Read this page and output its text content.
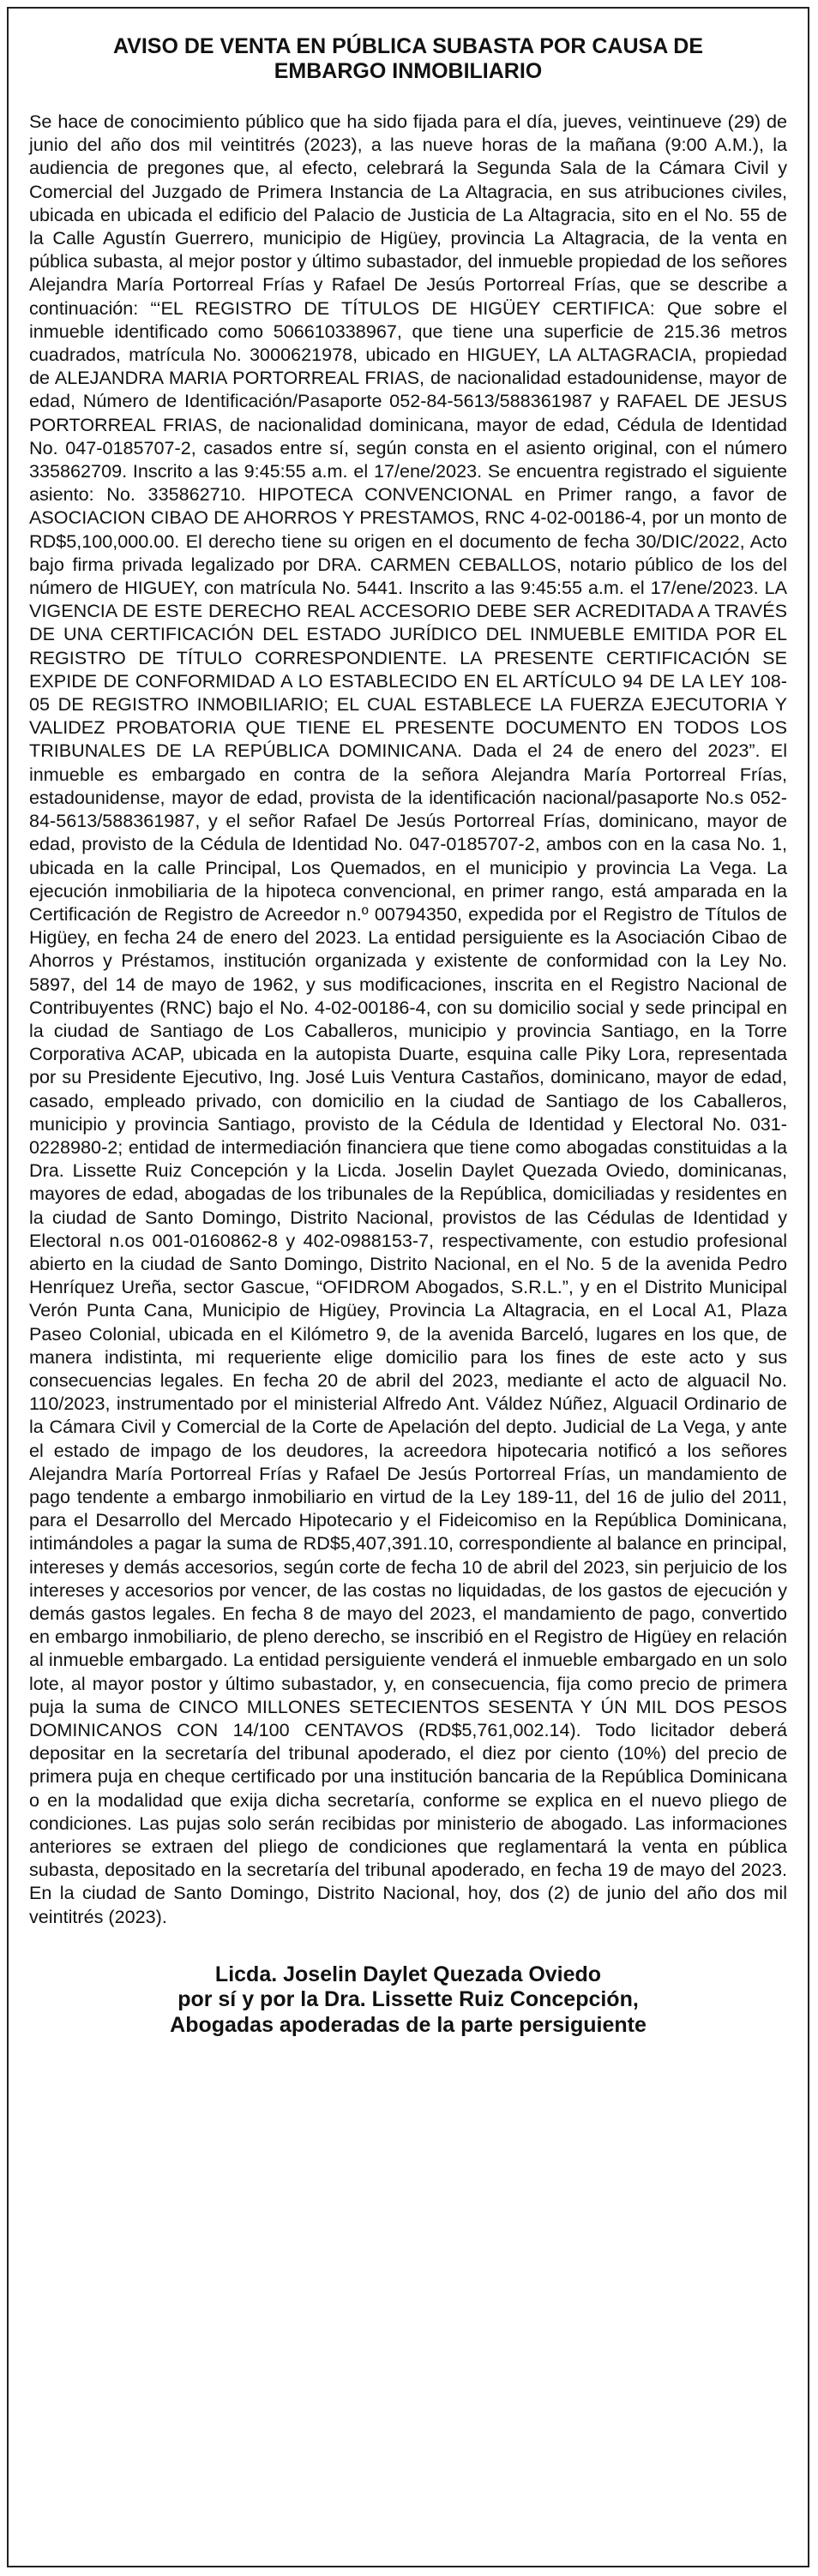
AVISO DE VENTA EN PÚBLICA SUBASTA POR CAUSA DE
EMBARGO INMOBILIARIO

Se hace de conocimiento público que ha sido fijada para el día, jueves, veintinueve (29) de junio del año dos mil veintitrés (2023), a las nueve horas de la mañana (9:00 A.M.), la audiencia de pregones que, al efecto, celebrará la Segunda Sala de la Cámara Civil y Comercial del Juzgado de Primera Instancia de La Altagracia, en sus atribuciones civiles, ubicada en ubicada el edificio del Palacio de Justicia de La Altagracia, sito en el No. 55 de la Calle Agustín Guerrero, municipio de Higüey, provincia La Altagracia, de la venta en pública subasta, al mejor postor y último subastador, del inmueble propiedad de los señores Alejandra María Portorreal Frías y Rafael De Jesús Portorreal Frías, que se describe a continuación: “‘EL REGISTRO DE TÍTULOS DE HIGÜEY CERTIFICA: Que sobre el inmueble identificado como 506610338967, que tiene una superficie de 215.36 metros cuadrados, matrícula No. 3000621978, ubicado en HIGUEY, LA ALTAGRACIA, propiedad de ALEJANDRA MARIA PORTORREAL FRIAS, de nacionalidad estadounidense, mayor de edad, Número de Identificación/Pasaporte 052-84-5613/588361987 y RAFAEL DE JESUS PORTORREAL FRIAS, de nacionalidad dominicana, mayor de edad, Cédula de Identidad No. 047-0185707-2, casados entre sí, según consta en el asiento original, con el número 335862709. Inscrito a las 9:45:55 a.m. el 17/ene/2023. Se encuentra registrado el siguiente asiento: No. 335862710. HIPOTECA CONVENCIONAL en Primer rango, a favor de ASOCIACION CIBAO DE AHORROS Y PRESTAMOS, RNC 4-02-00186-4, por un monto de RD$5,100,000.00. El derecho tiene su origen en el documento de fecha 30/DIC/2022, Acto bajo firma privada legalizado por DRA. CARMEN CEBALLOS, notario público de los del número de HIGUEY, con matrícula No. 5441. Inscrito a las 9:45:55 a.m. el 17/ene/2023. LA VIGENCIA DE ESTE DERECHO REAL ACCESORIO DEBE SER ACREDITADA A TRAVÉS DE UNA CERTIFICACIÓN DEL ESTADO JURÍDICO DEL INMUEBLE EMITIDA POR EL REGISTRO DE TÍTULO CORRESPONDIENTE. LA PRESENTE CERTIFICACIÓN SE EXPIDE DE CONFORMIDAD A LO ESTABLECIDO EN EL ARTÍCULO 94 DE LA LEY 108-05 DE REGISTRO INMOBILIARIO; EL CUAL ESTABLECE LA FUERZA EJECUTORIA Y VALIDEZ PROBATORIA QUE TIENE EL PRESENTE DOCUMENTO EN TODOS LOS TRIBUNALES DE LA REPÚBLICA DOMINICANA. Dada el 24 de enero del 2023”. El inmueble es embargado en contra de la señora Alejandra María Portorreal Frías, estadounidense, mayor de edad, provista de la identificación nacional/pasaporte No.s 052-84-5613/588361987, y el señor Rafael De Jesús Portorreal Frías, dominicano, mayor de edad, provisto de la Cédula de Identidad No. 047-0185707-2, ambos con en la casa No. 1, ubicada en la calle Principal, Los Quemados, en el municipio y provincia La Vega. La ejecución inmobiliaria de la hipoteca convencional, en primer rango, está amparada en la Certificación de Registro de Acreedor n.º 00794350, expedida por el Registro de Títulos de Higüey, en fecha 24 de enero del 2023. La entidad persiguiente es la Asociación Cibao de Ahorros y Préstamos, institución organizada y existente de conformidad con la Ley No. 5897, del 14 de mayo de 1962, y sus modificaciones, inscrita en el Registro Nacional de Contribuyentes (RNC) bajo el No. 4-02-00186-4, con su domicilio social y sede principal en la ciudad de Santiago de Los Caballeros, municipio y provincia Santiago, en la Torre Corporativa ACAP, ubicada en la autopista Duarte, esquina calle Piky Lora, representada por su Presidente Ejecutivo, Ing. José Luis Ventura Castaños, dominicano, mayor de edad, casado, empleado privado, con domicilio en la ciudad de Santiago de los Caballeros, municipio y provincia Santiago, provisto de la Cédula de Identidad y Electoral No. 031-0228980-2; entidad de intermediación financiera que tiene como abogadas constituidas a la Dra. Lissette Ruiz Concepción y la Licda. Joselin Daylet Quezada Oviedo, dominicanas, mayores de edad, abogadas de los tribunales de la República, domiciliadas y residentes en la ciudad de Santo Domingo, Distrito Nacional, provistos de las Cédulas de Identidad y Electoral n.os 001-0160862-8 y 402-0988153-7, respectivamente, con estudio profesional abierto en la ciudad de Santo Domingo, Distrito Nacional, en el No. 5 de la avenida Pedro Henríquez Ureña, sector Gascue, “OFIDROM Abogados, S.R.L.”, y en el Distrito Municipal Verón Punta Cana, Municipio de Higüey, Provincia La Altagracia, en el Local A1, Plaza Paseo Colonial, ubicada en el Kilómetro 9, de la avenida Barceló, lugares en los que, de manera indistinta, mi requeriente elige domicilio para los fines de este acto y sus consecuencias legales. En fecha 20 de abril del 2023, mediante el acto de alguacil No. 110/2023, instrumentado por el ministerial Alfredo Ant. Váldez Núñez, Alguacil Ordinario de la Cámara Civil y Comercial de la Corte de Apelación del depto. Judicial de La Vega, y ante el estado de impago de los deudores, la acreedora hipotecaria notificó a los señores Alejandra María Portorreal Frías y Rafael De Jesús Portorreal Frías, un mandamiento de pago tendente a embargo inmobiliario en virtud de la Ley 189-11, del 16 de julio del 2011, para el Desarrollo del Mercado Hipotecario y el Fideicomiso en la República Dominicana, intimándoles a pagar la suma de RD$5,407,391.10, correspondiente al balance en principal, intereses y demás accesorios, según corte de fecha 10 de abril del 2023, sin perjuicio de los intereses y accesorios por vencer, de las costas no liquidadas, de los gastos de ejecución y demás gastos legales. En fecha 8 de mayo del 2023, el mandamiento de pago, convertido en embargo inmobiliario, de pleno derecho, se inscribió en el Registro de Higüey en relación al inmueble embargado. La entidad persiguiente venderá el inmueble embargado en un solo lote, al mayor postor y último subastador, y, en consecuencia, fija como precio de primera puja la suma de CINCO MILLONES SETECIENTOS SESENTA Y ÚN MIL DOS PESOS DOMINICANOS CON 14/100 CENTAVOS (RD$5,761,002.14). Todo licitador deberá depositar en la secretaría del tribunal apoderado, el diez por ciento (10%) del precio de primera puja en cheque certificado por una institución bancaria de la República Dominicana o en la modalidad que exija dicha secretaría, conforme se explica en el nuevo pliego de condiciones. Las pujas solo serán recibidas por ministerio de abogado. Las informaciones anteriores se extraen del pliego de condiciones que reglamentará la venta en pública subasta, depositado en la secretaría del tribunal apoderado, en fecha 19 de mayo del 2023. En la ciudad de Santo Domingo, Distrito Nacional, hoy, dos (2) de junio del año dos mil veintitrés (2023).

Licda. Joselin Daylet Quezada Oviedo
por sí y por la Dra. Lissette Ruiz Concepción,
Abogadas apoderadas de la parte persiguiente
